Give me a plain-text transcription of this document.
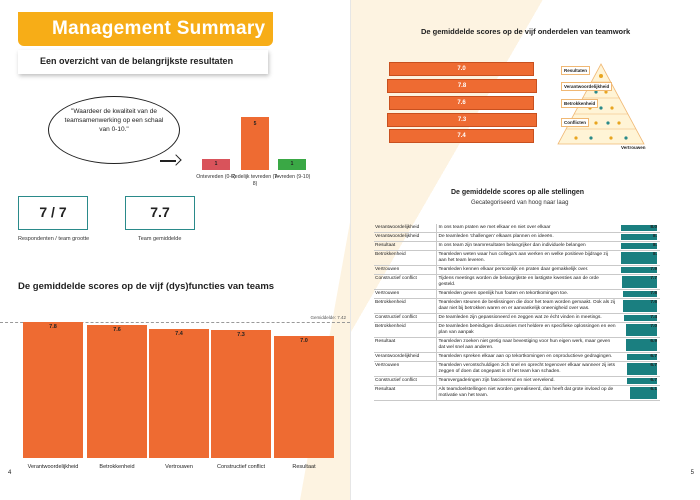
Management Summary
Een overzicht van de belangrijkste resultaten
"Waardeer de kwaliteit van de teamsamenwerking op een schaal van 0-10."
1
Ontevreden (0-6)
5
Redelijk tevreden (7-8)
1
Tevreden (9-10)
7 / 7
Respondenten / team grootte
7.7
Team gemiddelde
De gemiddelde scores op de vijf (dys)functies van teams
Gemiddelde: 7.42
7.8
Verantwoordelijkheid
7.6
Betrokkenheid
7.4
Vertrouwen
7.3
Constructief conflict
7.0
Resultaat
4
De gemiddelde scores op de vijf onderdelen van teamwork
7.0
7.8
7.6
7.3
7.4
Resultaten
Verantwoordelijkheid
Betrokkenheid
Conflicten
Vertrouwen
De gemiddelde scores op alle stellingen
Gecategoriseerd van hoog naar laag
5
Verantwoordelijkheid	In ons team praten we met elkaar en niet over elkaar	8.0

Verantwoordelijkheid	De teamleden 'challengen' elkaars plannen en ideeën.	8.

Resultaat	In ons team zijn teamresultaten belangrijker dan individuele belangen	8.

Betrokkenheid	Teamleden weten waar hun collega's aan werken en welke positieve bijdrage zij aan het team leveren.	8.

Vertrouwen	Teamleden kennen elkaar persoonlijk en praten daar gemakkelijk over.	7.9

Constructief conflict	Tijdens meetings worden de belangrijkste en lastigste kwesties aan de orde gesteld.	7.7

Vertrouwen	Teamleden geven openlijk hun fouten en tekortkomingen toe.	7.6

Betrokkenheid	Teamleden steunen de beslissingen die door het team worden gemaakt. Ook als zij daar niet bij betrokken waren en er aanvankelijk oneenigheid over was.	7.6

Constructief conflict	De teamleden zijn gepassioneerd en zeggen wat ze écht vinden in meetings.	7.4

Betrokkenheid	De teamleden beëindigen discussies met heldere en specifieke oplossingen en een plan van aanpak	7.0

Resultaat	Teamleden zoeken niet gretig naar bevestiging voor hun eigen werk, maar geven dat wel snel aan anderen.	6.9

Verantwoordelijkheid	Teamleden spreken elkaar aan op tekortkomingen en onproductieve gedragingen.	6.7

Vertrouwen	Teamleden verontschuldigen zich snel en oprecht tegenover elkaar wanneer zij iets zeggen of doen dat ongepast is of het team kan schaden.	6.7

Constructief conflict	Teamvergaderingen zijn fascinerend en niet vervelend.	6.7

Resultaat	Als teamdoelstellingen niet worden gerealiseerd, dan heeft dat grote invloed op de motivatie van het team.	6.1
